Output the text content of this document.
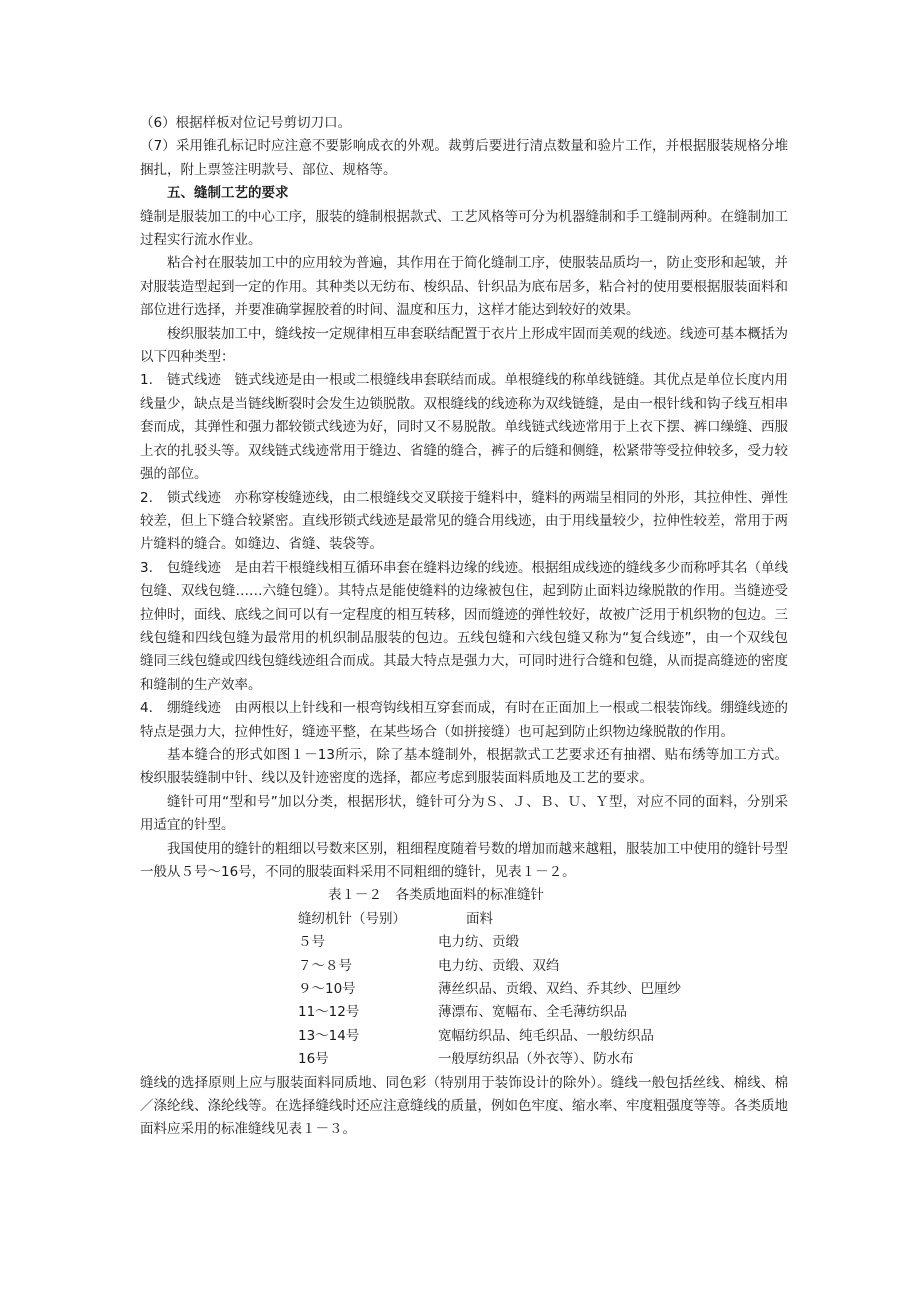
（6）根据样板对位记号剪切刀口。

（7）采用锥孔标记时应注意不要影响成衣的外观。裁剪后要进行清点数量和验片工作，并根据服装规格分堆捆扎，附上票签注明款号、部位、规格等。

五、缝制工艺的要求

缝制是服装加工的中心工序，服装的缝制根据款式、工艺风格等可分为机器缝制和手工缝制两种。在缝制加工过程实行流水作业。

粘合衬在服装加工中的应用较为普遍，其作用在于简化缝制工序，使服装品质均一，防止变形和起皱，并对服装造型起到一定的作用。其种类以无纺布、梭织品、针织品为底布居多，粘合衬的使用要根据服装面料和部位进行选择，并要准确掌握胶着的时间、温度和压力，这样才能达到较好的效果。

梭织服装加工中，缝线按一定规律相互串套联结配置于衣片上形成牢固而美观的线迹。线迹可基本概括为以下四种类型：

1. 链式线迹　链式线迹是由一根或二根缝线串套联结而成。单根缝线的称单线链缝。其优点是单位长度内用线量少，缺点是当链线断裂时会发生边锁脱散。双根缝线的线迹称为双线链缝，是由一根针线和钩子线互相串套而成，其弹性和强力都较锁式线迹为好，同时又不易脱散。单线链式线迹常用于上衣下摆、裤口缲缝、西服上衣的扎驳头等。双线链式线迹常用于缝边、省缝的缝合，裤子的后缝和侧缝，松紧带等受拉伸较多，受力较强的部位。

2. 锁式线迹　亦称穿梭缝迹线，由二根缝线交叉联接于缝料中，缝料的两端呈相同的外形，其拉伸性、弹性较差，但上下缝合较紧密。直线形锁式线迹是最常见的缝合用线迹，由于用线量较少，拉伸性较差，常用于两片缝料的缝合。如缝边、省缝、装袋等。

3. 包缝线迹　是由若干根缝线相互循环串套在缝料边缘的线迹。根据组成线迹的缝线多少而称呼其名（单线包缝、双线包缝……六缝包缝）。其特点是能使缝料的边缘被包住，起到防止面料边缘脱散的作用。当缝迹受拉伸时，面线、底线之间可以有一定程度的相互转移，因而缝迹的弹性较好，故被广泛用于机织物的包边。三线包缝和四线包缝为最常用的机织制品服装的包边。五线包缝和六线包缝又称为“复合线迹”，由一个双线包缝同三线包缝或四线包缝线迹组合而成。其最大特点是强力大，可同时进行合缝和包缝，从而提高缝迹的密度和缝制的生产效率。

4. 绷缝线迹　由两根以上针线和一根弯钩线相互穿套而成，有时在正面加上一根或二根装饰线。绷缝线迹的特点是强力大，拉伸性好，缝迹平整，在某些场合（如拼接缝）也可起到防止织物边缘脱散的作用。

基本缝合的形式如图１－13所示，除了基本缝制外，根据款式工艺要求还有抽褶、贴布绣等加工方式。梭织服装缝制中针、线以及针迹密度的选择，都应考虑到服装面料质地及工艺的要求。

缝针可用“型和号”加以分类，根据形状，缝针可分为Ｓ、Ｊ、Ｂ、Ｕ、Ｙ型，对应不同的面料，分别采用适宜的针型。

我国使用的缝针的粗细以号数来区别，粗细程度随着号数的增加而越来越粗，服装加工中使用的缝针号型一般从５号～16号，不同的服装面料采用不同粗细的缝针，见表１－２。

表１－２　各类质地面料的标准缝针

缝纫机针（号别）	面料
５号	电力纺、贡缎
７～８号	电力纺、贡缎、双绉
９～10号	薄丝织品、贡缎、双绉、乔其纱、巴厘纱
11～12号	薄漂布、宽幅布、全毛薄纺织品
13～14号	宽幅纺织品、纯毛织品、一般纺织品
16号	一般厚纺织品（外衣等）、防水布

缝线的选择原则上应与服装面料同质地、同色彩（特别用于装饰设计的除外）。缝线一般包括丝线、棉线、棉／涤纶线、涤纶线等。在选择缝线时还应注意缝线的质量，例如色牢度、缩水率、牢度粗强度等等。各类质地面料应采用的标准缝线见表１－３。
